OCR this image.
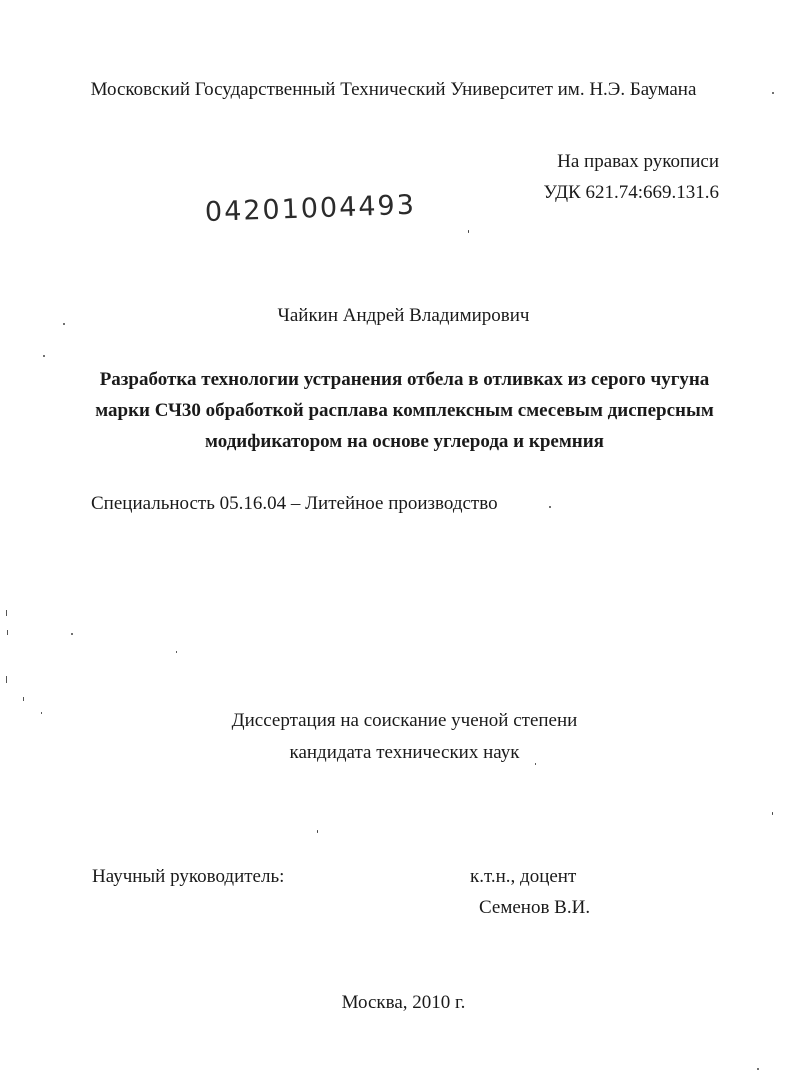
Московский Государственный Технический Университет им. Н.Э. Баумана
На правах рукописи
УДК 621.74:669.131.6
04201004493
Чайкин Андрей Владимирович
Разработка технологии устранения отбела в отливках из серого чугуна
марки СЧ30 обработкой расплава комплексным смесевым дисперсным
модификатором на основе углерода и кремния
Специальность 05.16.04 – Литейное производство
Диссертация на соискание ученой степени
кандидата технических наук
Научный руководитель:	к.т.н., доцент
Семенов В.И.
Москва, 2010 г.
